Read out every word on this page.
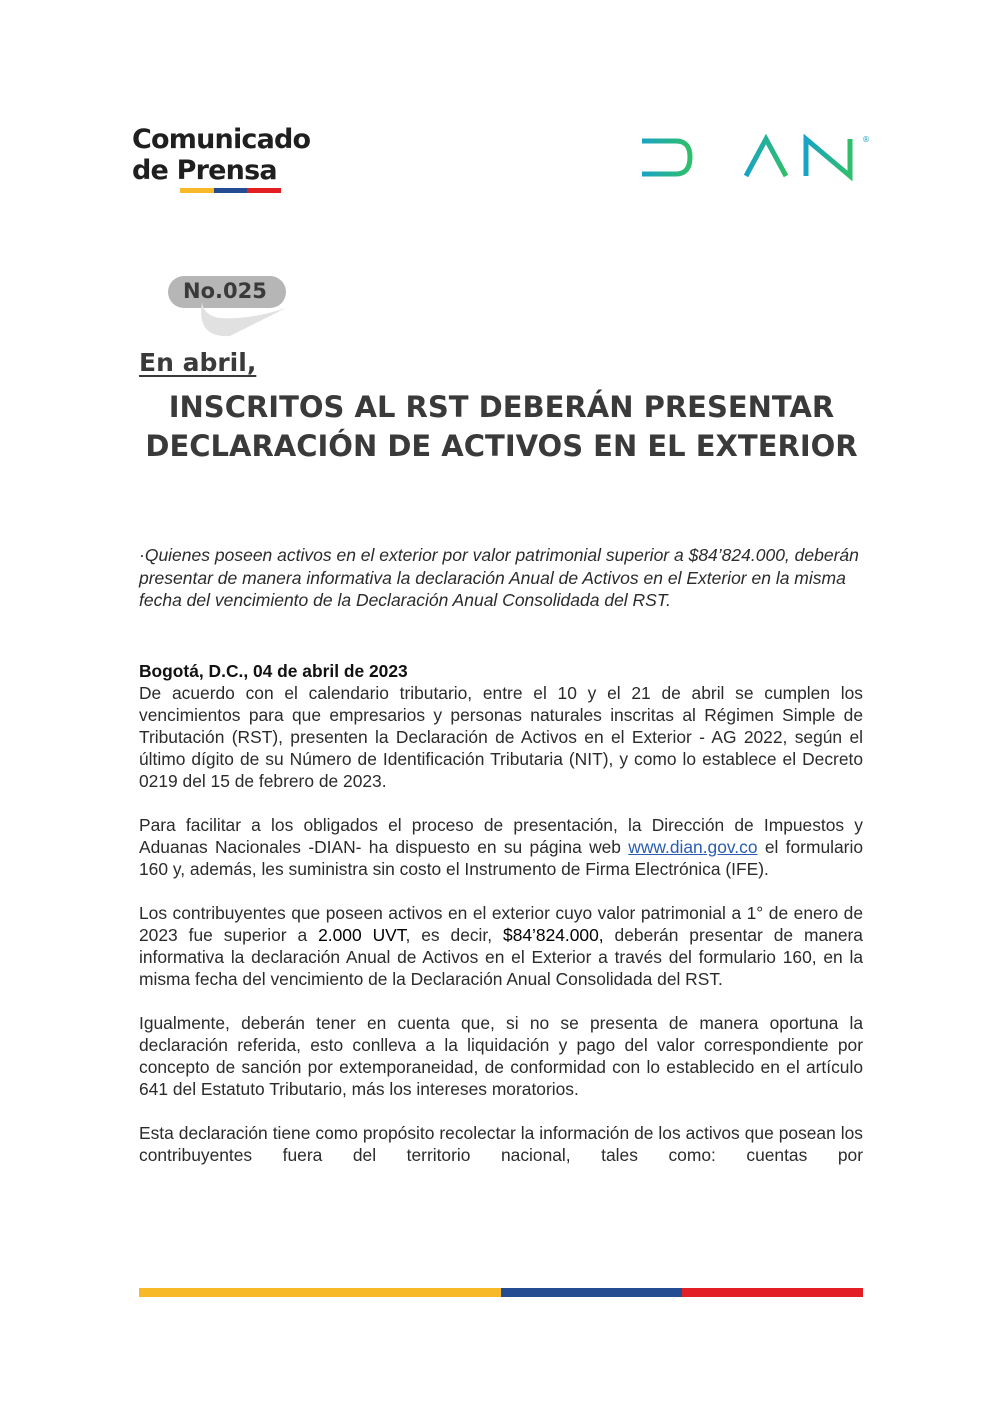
Comunicado
de Prensa
®
No.025
En abril,
INSCRITOS AL RST DEBERÁN PRESENTAR DECLARACIÓN DE ACTIVOS EN EL EXTERIOR

·Quienes poseen activos en el exterior por valor patrimonial superior a $84’824.000, deberán presentar de manera informativa la declaración Anual de Activos en el Exterior en la misma fecha del vencimiento de la Declaración Anual Consolidada del RST.

Bogotá, D.C., 04 de abril de 2023

De acuerdo con el calendario tributario, entre el 10 y el 21 de abril se cumplen los vencimientos para que empresarios y personas naturales inscritas al Régimen Simple de Tributación (RST), presenten la Declaración de Activos en el Exterior - AG 2022, según el último dígito de su Número de Identificación Tributaria (NIT), y como lo establece el Decreto 0219 del 15 de febrero de 2023.

Para facilitar a los obligados el proceso de presentación, la Dirección de Impuestos y Aduanas Nacionales -DIAN- ha dispuesto en su página web www.dian.gov.co el formulario 160 y, además, les suministra sin costo el Instrumento de Firma Electrónica (IFE).

Los contribuyentes que poseen activos en el exterior cuyo valor patrimonial a 1° de enero de 2023 fue superior a 2.000 UVT, es decir, $84’824.000, deberán presentar de manera informativa la declaración Anual de Activos en el Exterior a través del formulario 160, en la misma fecha del vencimiento de la Declaración Anual Consolidada del RST.

Igualmente, deberán tener en cuenta que, si no se presenta de manera oportuna la declaración referida, esto conlleva a la liquidación y pago del valor correspondiente por concepto de sanción por extemporaneidad, de conformidad con lo establecido en el artículo 641 del Estatuto Tributario, más los intereses moratorios.

Esta declaración tiene como propósito recolectar la información de los activos que posean los contribuyentes fuera del territorio nacional, tales como: cuentas por
